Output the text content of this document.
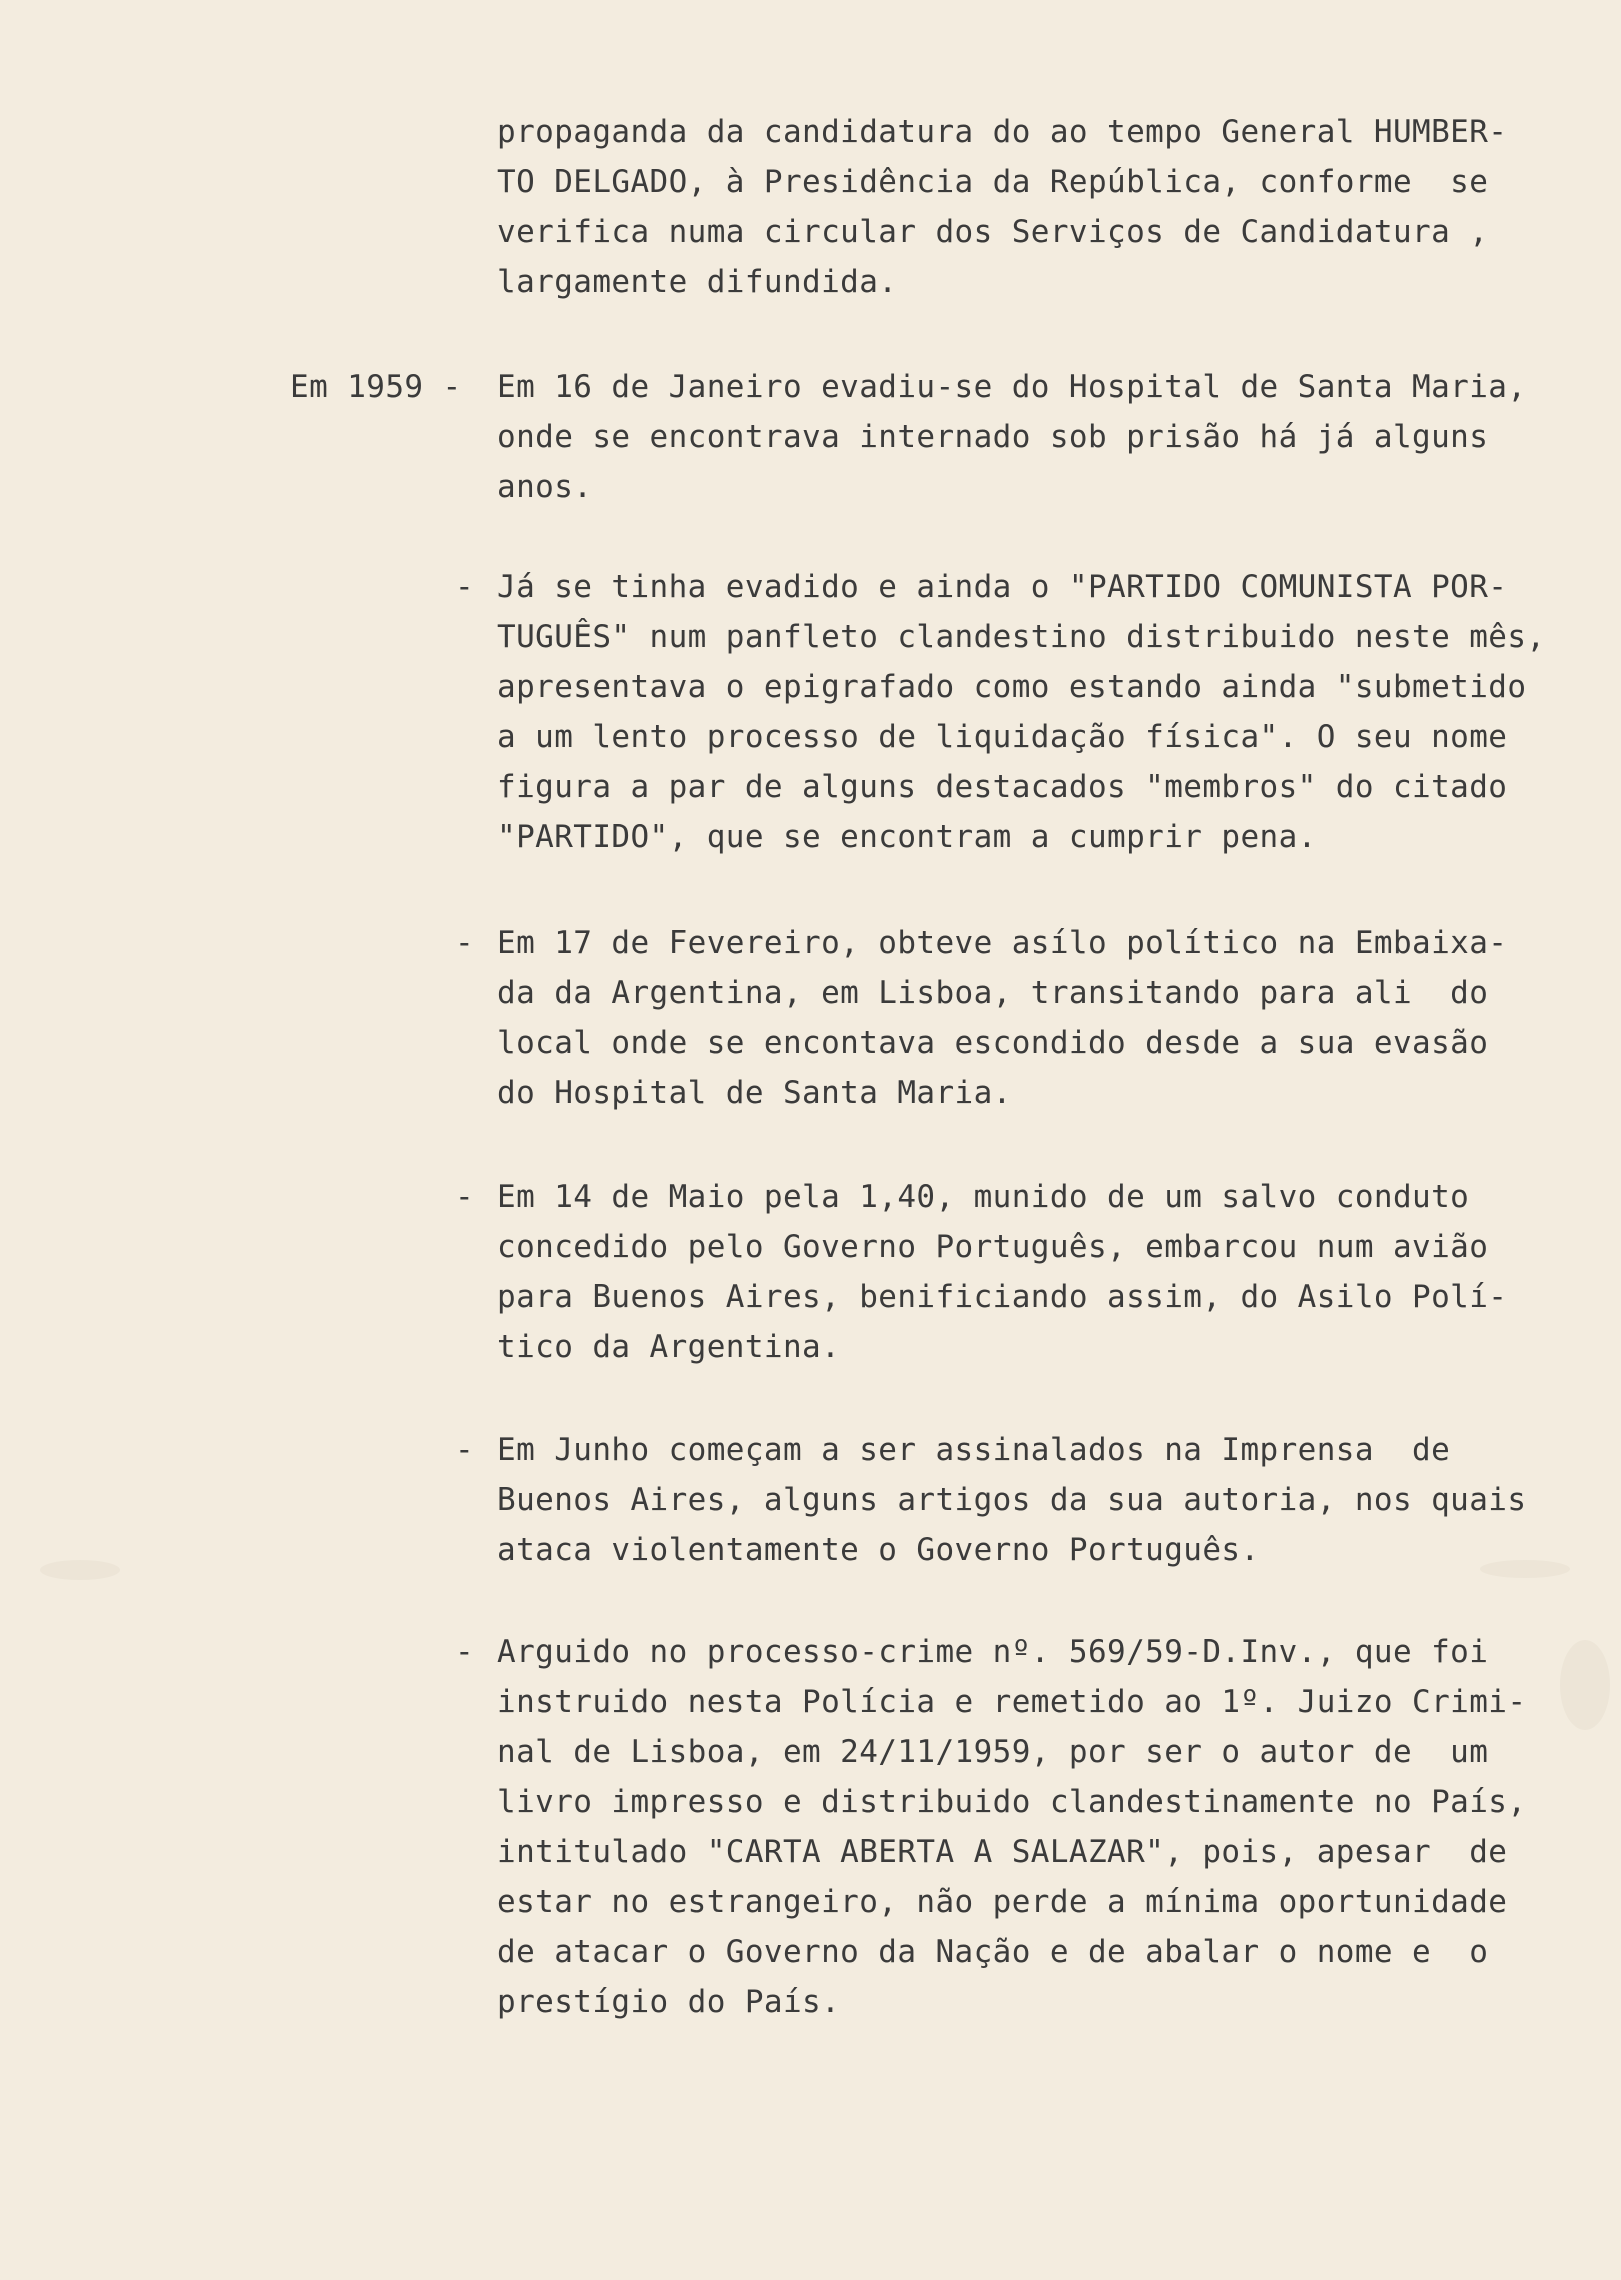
propaganda da candidatura do ao tempo General HUMBER-
TO DELGADO, à Presidência da República, conforme  se
verifica numa circular dos Serviços de Candidatura ,
largamente difundida.
Em 1959 - Em 16 de Janeiro evadiu-se do Hospital de Santa Maria,
onde se encontrava internado sob prisão há já alguns
anos.
- Já se tinha evadido e ainda o "PARTIDO COMUNISTA POR-
TUGUÊS" num panfleto clandestino distribuido neste mês,
apresentava o epigrafado como estando ainda "submetido
a um lento processo de liquidação física". O seu nome
figura a par de alguns destacados "membros" do citado
"PARTIDO", que se encontram a cumprir pena.
- Em 17 de Fevereiro, obteve asílo político na Embaixa-
da da Argentina, em Lisboa, transitando para ali  do
local onde se encontava escondido desde a sua evasão
do Hospital de Santa Maria.
- Em 14 de Maio pela 1,40, munido de um salvo conduto
concedido pelo Governo Português, embarcou num avião
para Buenos Aires, benificiando assim, do Asilo Polí-
tico da Argentina.
- Em Junho começam a ser assinalados na Imprensa  de
Buenos Aires, alguns artigos da sua autoria, nos quais
ataca violentamente o Governo Português.
- Arguido no processo-crime nº. 569/59-D.Inv., que foi
instruido nesta Polícia e remetido ao 1º. Juizo Crimi-
nal de Lisboa, em 24/11/1959, por ser o autor de  um
livro impresso e distribuido clandestinamente no País,
intitulado "CARTA ABERTA A SALAZAR", pois, apesar  de
estar no estrangeiro, não perde a mínima oportunidade
de atacar o Governo da Nação e de abalar o nome e  o
prestígio do País.
